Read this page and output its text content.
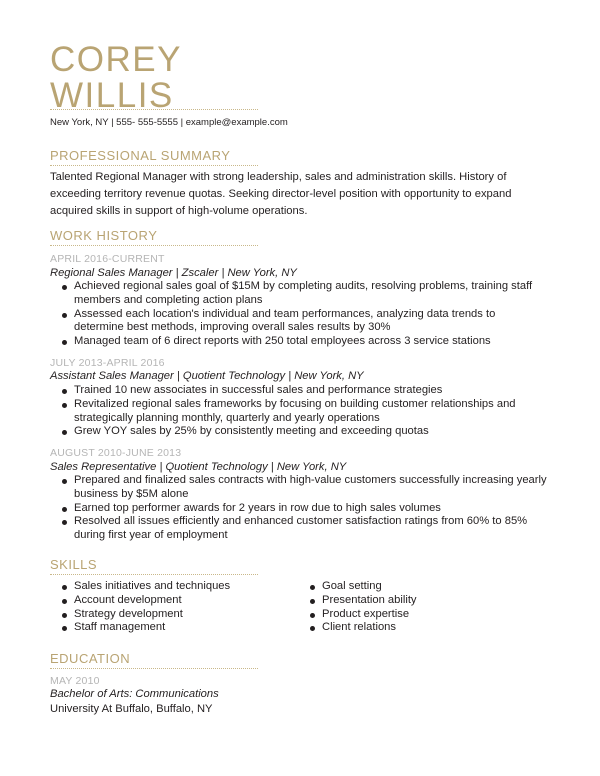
COREY
WILLIS
New York, NY | 555- 555-5555 | example@example.com
PROFESSIONAL SUMMARY

Talented Regional Manager with strong leadership, sales and administration skills. History of exceeding territory revenue quotas. Seeking director-level position with opportunity to expand acquired skills in support of high-volume operations.

WORK HISTORY
APRIL 2016-CURRENT
Regional Sales Manager | Zscaler | New York, NY
Achieved regional sales goal of $15M by completing audits, resolving problems, training staff members and completing action plans
Assessed each location's individual and team performances, analyzing data trends to determine best methods, improving overall sales results by 30%
Managed team of 6 direct reports with 250 total employees across 3 service stations
JULY 2013-APRIL 2016
Assistant Sales Manager | Quotient Technology | New York, NY
Trained 10 new associates in successful sales and performance strategies
Revitalized regional sales frameworks by focusing on building customer relationships and strategically planning monthly, quarterly and yearly operations
Grew YOY sales by 25% by consistently meeting and exceeding quotas
AUGUST 2010-JUNE 2013
Sales Representative | Quotient Technology | New York, NY
Prepared and finalized sales contracts with high-value customers successfully increasing yearly business by $5M alone
Earned top performer awards for 2 years in row due to high sales volumes
Resolved all issues efficiently and enhanced customer satisfaction ratings from 60% to 85% during first year of employment
SKILLS
Sales initiatives and techniques
Account development
Strategy development
Staff management
Goal setting
Presentation ability
Product expertise
Client relations
EDUCATION
MAY 2010
Bachelor of Arts: Communications
University At Buffalo, Buffalo, NY
